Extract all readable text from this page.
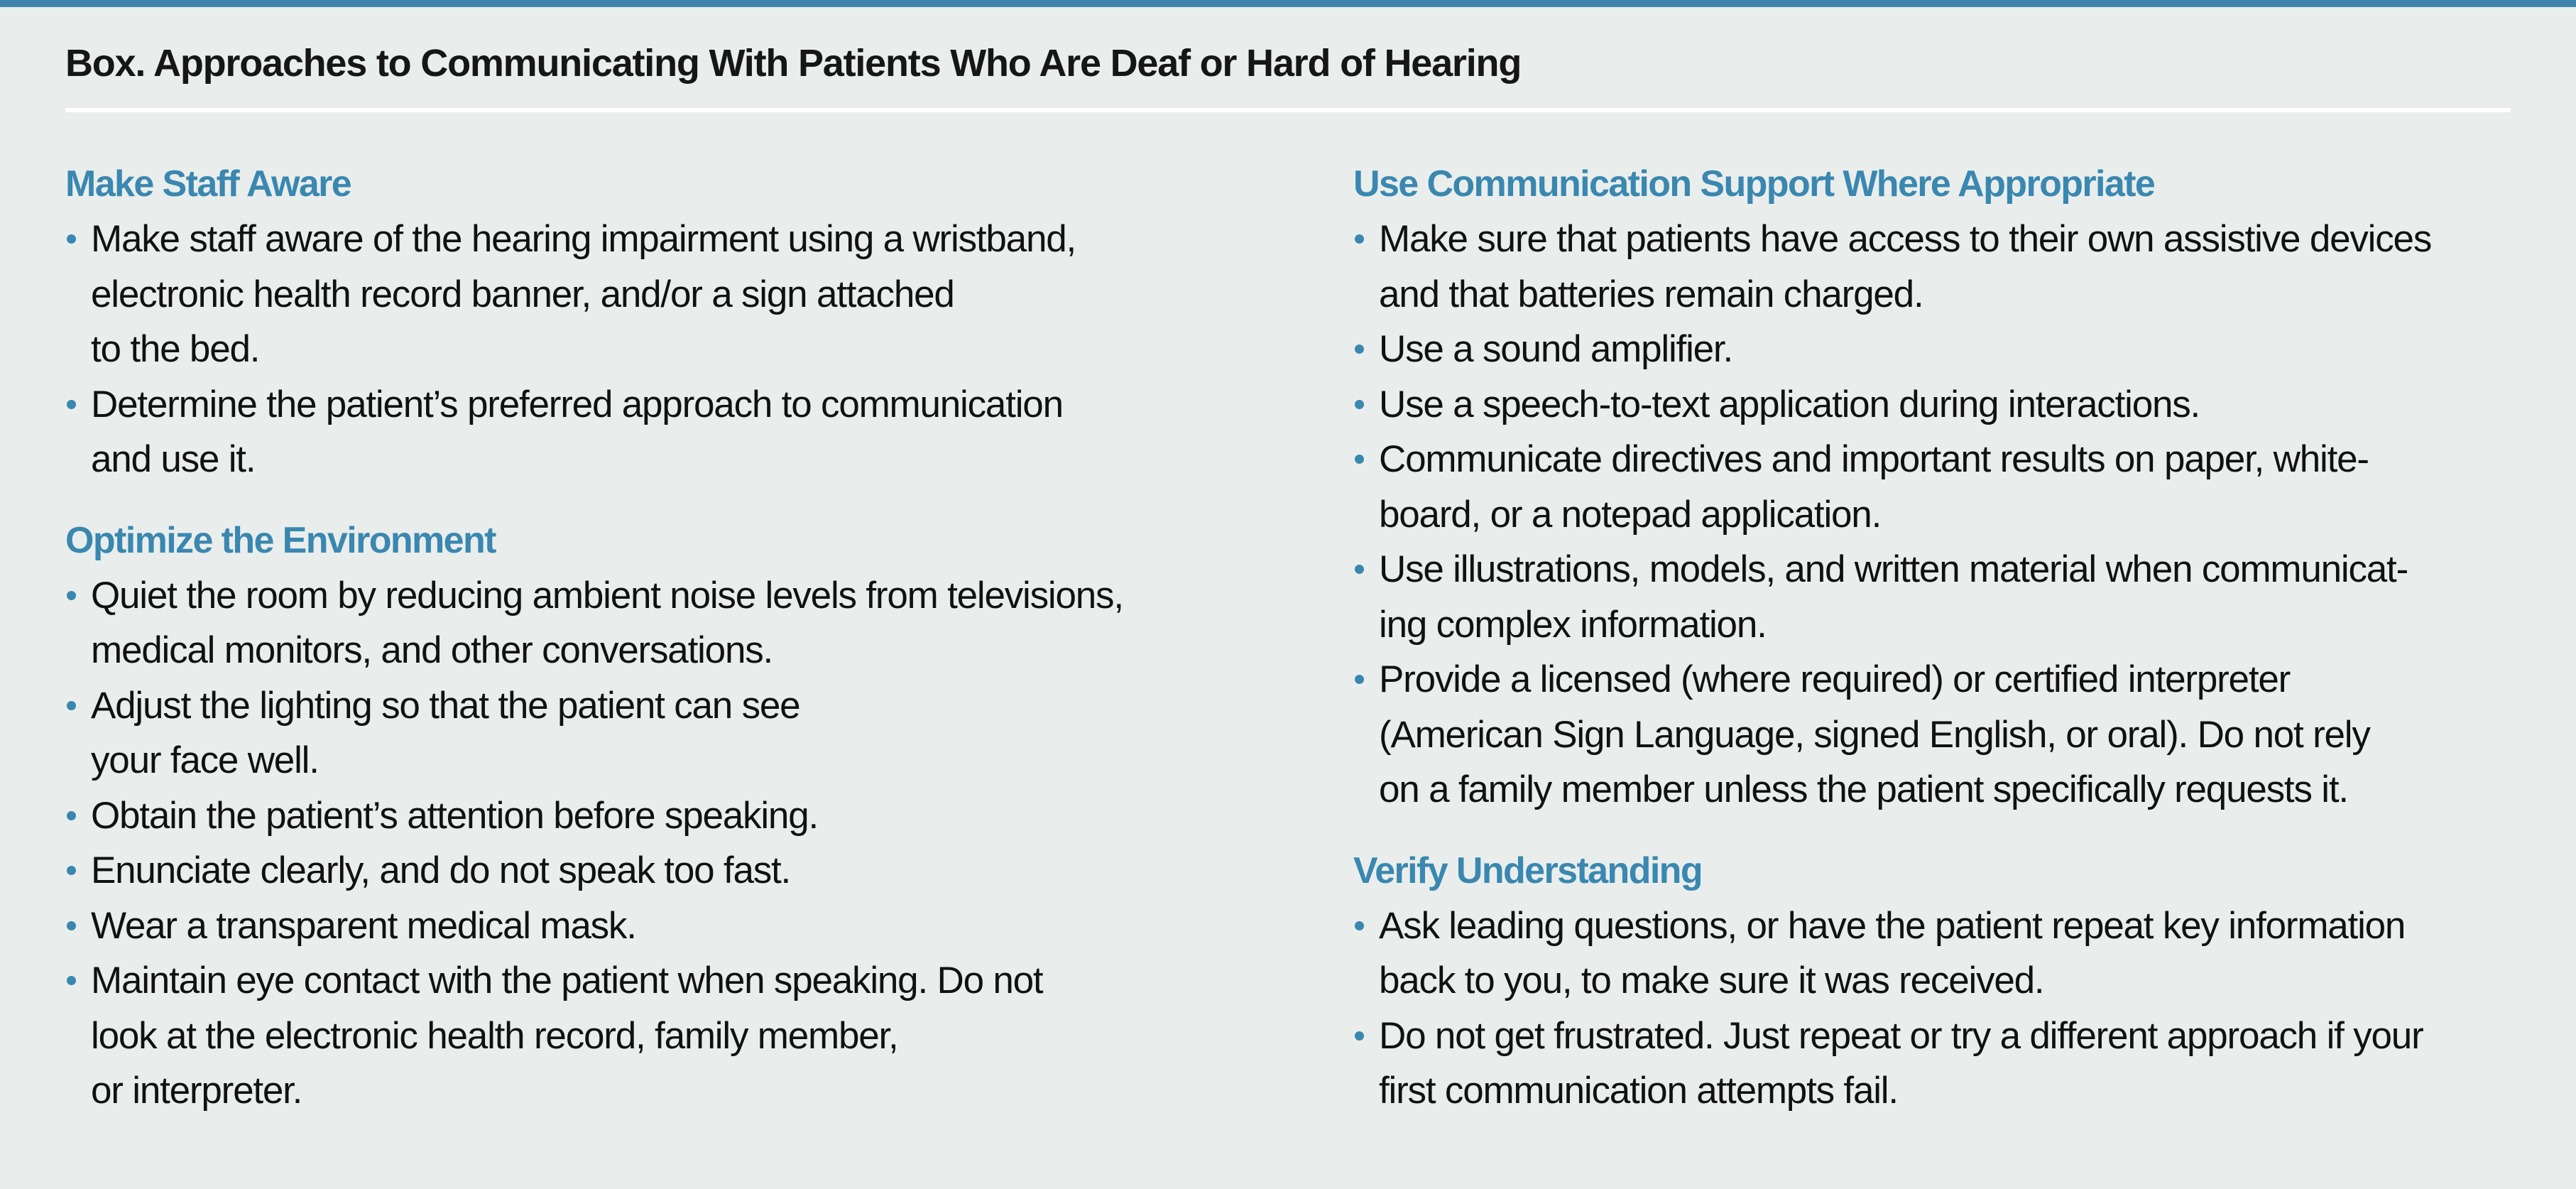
Box. Approaches to Communicating With Patients Who Are Deaf or Hard of Hearing
Make Staff Aware
Make staff aware of the hearing impairment using a wristband,
electronic health record banner, and/or a sign attached
to the bed.
Determine the patient’s preferred approach to communication
and use it.
Optimize the Environment
Quiet the room by reducing ambient noise levels from televisions,
medical monitors, and other conversations.
Adjust the lighting so that the patient can see
your face well.
Obtain the patient’s attention before speaking.
Enunciate clearly, and do not speak too fast.
Wear a transparent medical mask.
Maintain eye contact with the patient when speaking. Do not
look at the electronic health record, family member,
or interpreter.
Use Communication Support Where Appropriate
Make sure that patients have access to their own assistive devices
and that batteries remain charged.
Use a sound amplifier.
Use a speech-to-text application during interactions.
Communicate directives and important results on paper, white-
board, or a notepad application.
Use illustrations, models, and written material when communicat-
ing complex information.
Provide a licensed (where required) or certified interpreter
(American Sign Language, signed English, or oral). Do not rely
on a family member unless the patient specifically requests it.
Verify Understanding
Ask leading questions, or have the patient repeat key information
back to you, to make sure it was received.
Do not get frustrated. Just repeat or try a different approach if your
first communication attempts fail.
